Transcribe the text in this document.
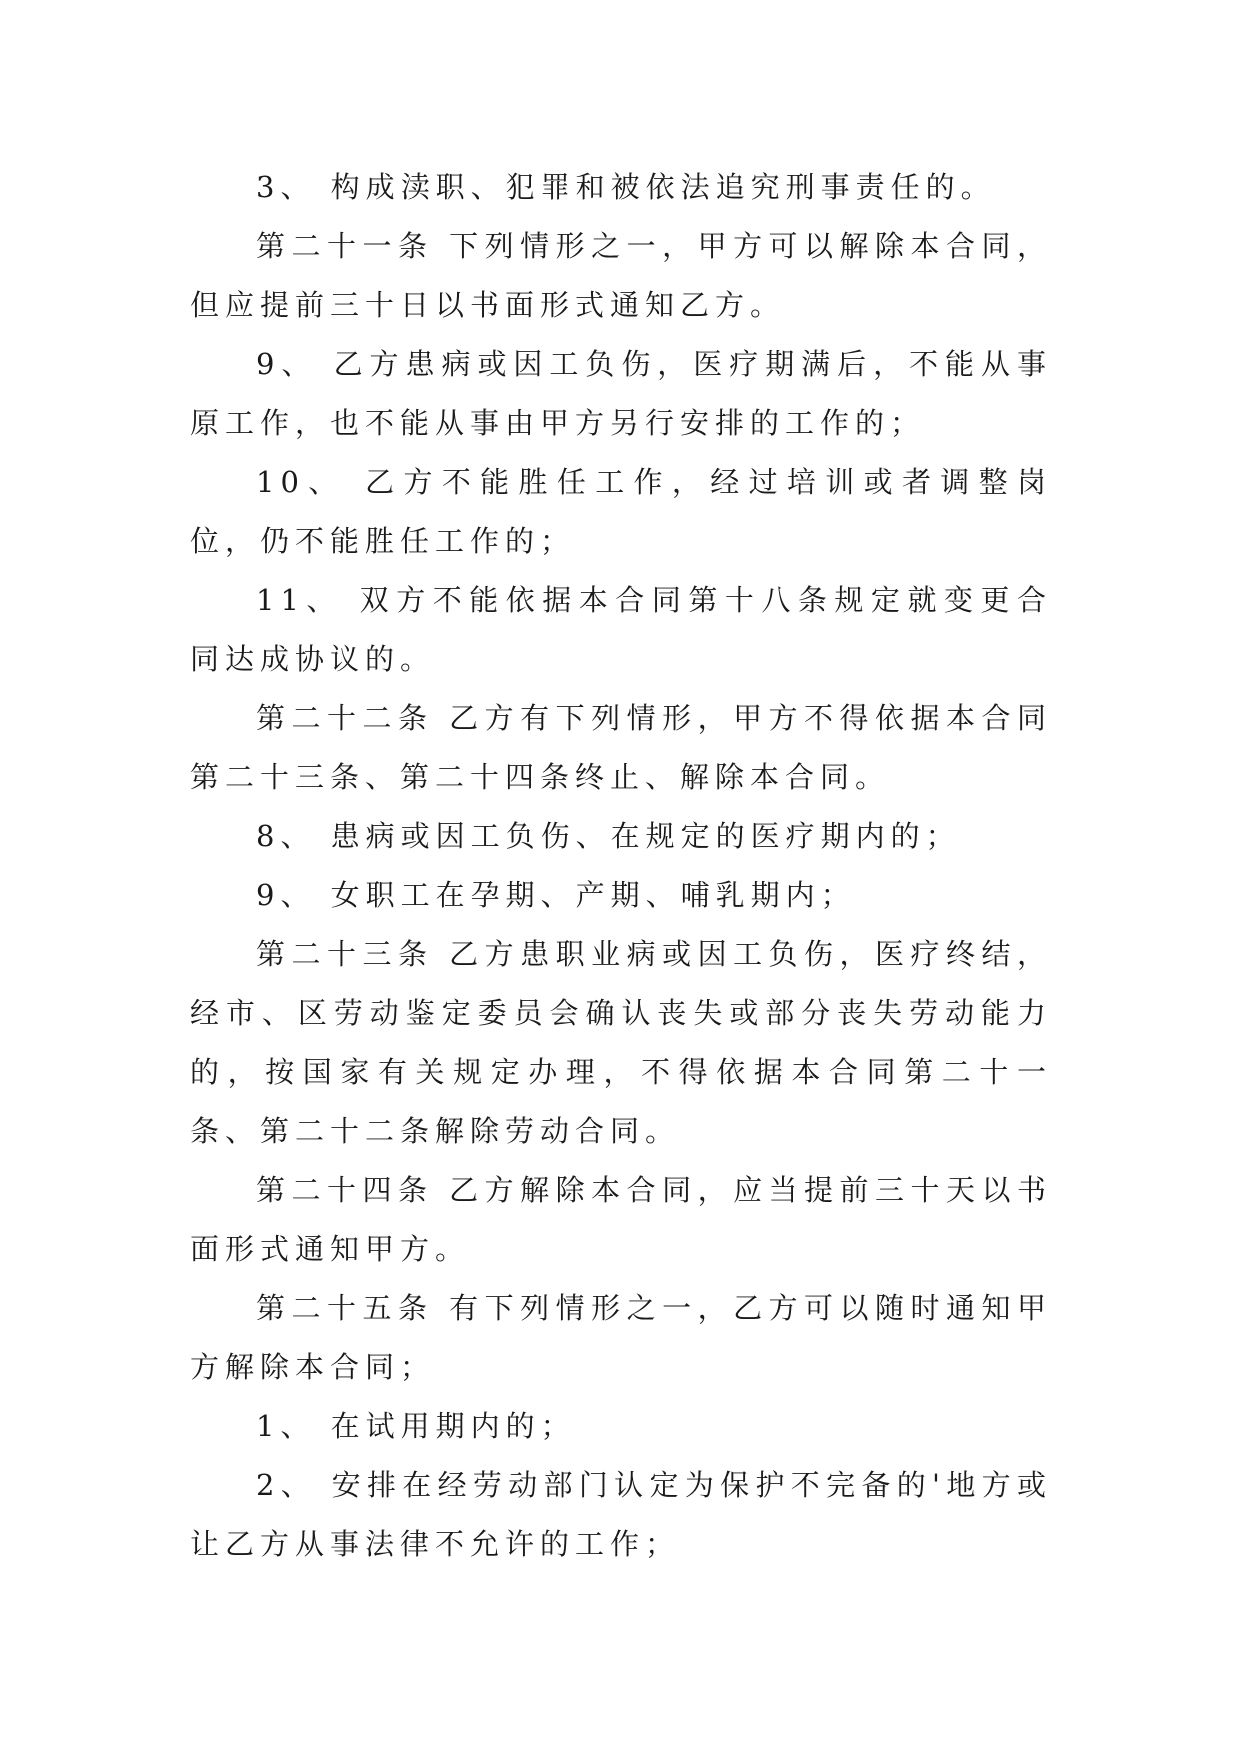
3、 构成渎职、犯罪和被依法追究刑事责任的。

第二十一条 下列情形之一，甲方可以解除本合同，但应提前三十日以书面形式通知乙方。

9、 乙方患病或因工负伤，医疗期满后，不能从事原工作，也不能从事由甲方另行安排的工作的；

10、 乙方不能胜任工作，经过培训或者调整岗位，仍不能胜任工作的；

11、 双方不能依据本合同第十八条规定就变更合同达成协议的。

第二十二条 乙方有下列情形，甲方不得依据本合同第二十三条、第二十四条终止、解除本合同。

8、 患病或因工负伤、在规定的医疗期内的；

9、 女职工在孕期、产期、哺乳期内；

第二十三条 乙方患职业病或因工负伤，医疗终结，经市、区劳动鉴定委员会确认丧失或部分丧失劳动能力的，按国家有关规定办理，不得依据本合同第二十一条、第二十二条解除劳动合同。

第二十四条 乙方解除本合同，应当提前三十天以书面形式通知甲方。

第二十五条 有下列情形之一，乙方可以随时通知甲方解除本合同；

1、 在试用期内的；

2、 安排在经劳动部门认定为保护不完备的'地方或让乙方从事法律不允许的工作；
